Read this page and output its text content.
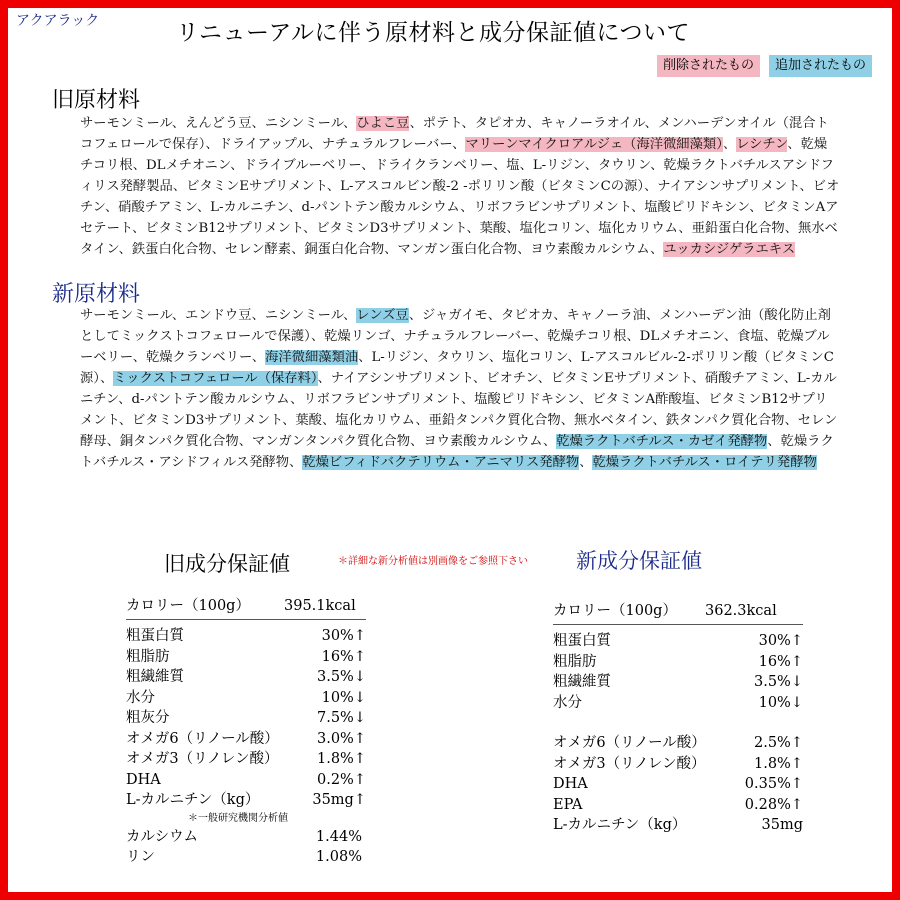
アクアラック	リニューアルに伴う原材料と成分保証値について
削除されたもの	追加されたもの
旧原材料
サーモンミール、えんどう豆、ニシンミール、ひよこ豆、ポテト、タピオカ、キャノーラオイル、メンハーデンオイル（混合トコフェロールで保存）、ドライアップル、ナチュラルフレーバー、マリーンマイクロアルジェ（海洋微細藻類）、レシチン、乾燥チコリ根、DLメチオニン、ドライブルーベリー、ドライクランベリー、塩、L-リジン、タウリン、乾燥ラクトバチルスアシドフィリス発酵製品、ビタミンEサプリメント、L-アスコルビン酸-2 -ポリリン酸（ビタミンCの源）、ナイアシンサプリメント、ビオチン、硝酸チアミン、L-カルニチン、d-パントテン酸カルシウム、リボフラビンサプリメント、塩酸ピリドキシン、ビタミンAアセテート、ビタミンB12サプリメント、ビタミンD3サプリメント、葉酸、塩化コリン、塩化カリウム、亜鉛蛋白化合物、無水ベタイン、鉄蛋白化合物、セレン酵素、銅蛋白化合物、マンガン蛋白化合物、ヨウ素酸カルシウム、ユッカシジゲラエキス
新原材料
サーモンミール、エンドウ豆、ニシンミール、レンズ豆、ジャガイモ、タピオカ、キャノーラ油、メンハーデン油（酸化防止剤としてミックストコフェロールで保護）、乾燥リンゴ、ナチュラルフレーバー、乾燥チコリ根、DLメチオニン、食塩、乾燥ブルーベリー、乾燥クランベリー、海洋微細藻類油、L-リジン、タウリン、塩化コリン、L-アスコルビル-2-ポリリン酸（ビタミンC源）、ミックストコフェロール（保存料）、ナイアシンサプリメント、ビオチン、ビタミンEサプリメント、硝酸チアミン、L-カルニチン、d-パントテン酸カルシウム、リボフラビンサプリメント、塩酸ピリドキシン、ビタミンA酢酸塩、ビタミンB12サプリメント、ビタミンD3サプリメント、葉酸、塩化カリウム、亜鉛タンパク質化合物、無水ベタイン、鉄タンパク質化合物、セレン酵母、銅タンパク質化合物、マンガンタンパク質化合物、ヨウ素酸カルシウム、乾燥ラクトバチルス・カゼイ発酵物、乾燥ラクトバチルス・アシドフィルス発酵物、乾燥ビフィドバクテリウム・アニマリス発酵物、乾燥ラクトバチルス・ロイテリ発酵物
旧成分保証値	＊詳細な新分析値は別画像をご参照下さい 新成分保証値
カロリー（100g） 395.1kcal
粗蛋白質	30%↑
粗脂肪	16%↑
粗繊維質	3.5%↓
水分	10%↓
粗灰分	7.5%↓
オメガ6（リノール酸）	3.0%↑
オメガ3（リノレン酸）	1.8%↑
DHA	0.2%↑
L-カルニチン（kg）	35mg↑
＊一般研究機関分析値
カルシウム	1.44%
リン	1.08%
カロリー（100g） 362.3kcal
粗蛋白質	30%↑
粗脂肪	16%↑
粗繊維質	3.5%↓
水分	10%↓
オメガ6（リノール酸）	2.5%↑
オメガ3（リノレン酸）	1.8%↑
DHA	0.35%↑
EPA	0.28%↑
L-カルニチン（kg）	35mg
